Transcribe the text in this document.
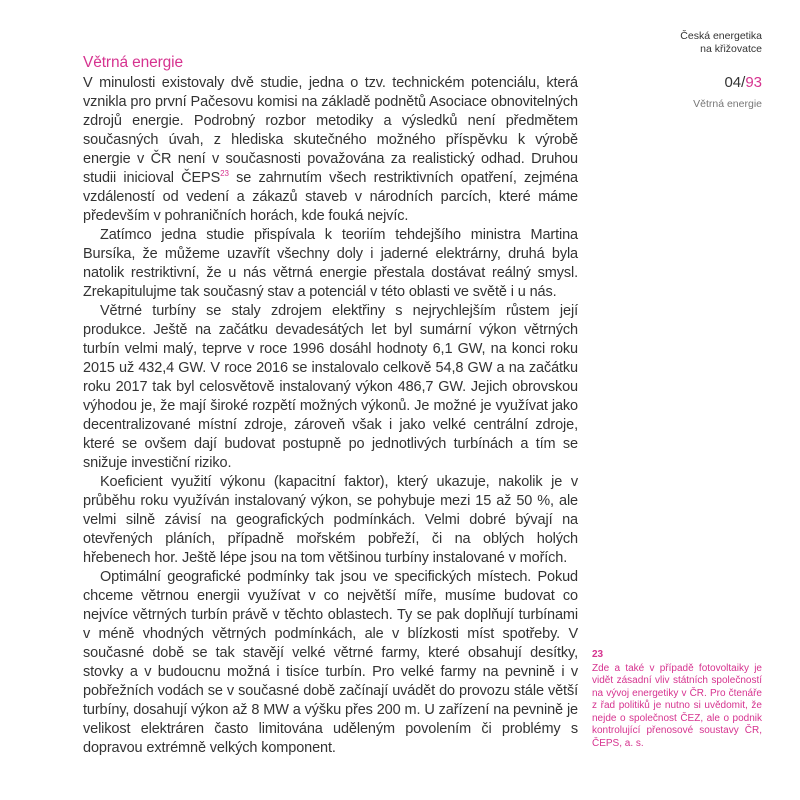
Česká energetika na křižovatce
04/93
Větrná energie
Větrná energie

V minulosti existovaly dvě studie, jedna o tzv. technickém potenciálu, která vznikla pro první Pačesovu komisi na základě podnětů Asociace obnovitelných zdrojů energie. Podrobný rozbor metodiky a výsledků není předmětem současných úvah, z hlediska skutečného možného příspěvku k výrobě energie v ČR není v současnosti považována za realistický odhad. Druhou studii inicioval ČEPS$^{23}$ se zahrnutím všech restriktivních opatření, zejména vzdáleností od vedení a zákazů staveb v národních parcích, které máme především v pohraničních horách, kde fouká nejvíc.

Zatímco jedna studie přispívala k teoriím tehdejšího ministra Martina Bursíka, že můžeme uzavřít všechny doly i jaderné elektrárny, druhá byla natolik restriktivní, že u nás větrná energie přestala dostávat reálný smysl. Zrekapitulujme tak současný stav a potenciál v této oblasti ve světě i u nás.

Větrné turbíny se staly zdrojem elektřiny s nejrychlejším růstem její produkce. Ještě na začátku devadesátých let byl sumární výkon větrných turbín velmi malý, teprve v roce 1996 dosáhl hodnoty 6,1 GW, na konci roku 2015 už 432,4 GW. V roce 2016 se instalovalo celkově 54,8 GW a na začátku roku 2017 tak byl celosvětově instalovaný výkon 486,7 GW. Jejich obrovskou výhodou je, že mají široké rozpětí možných výkonů. Je možné je využívat jako decentralizované místní zdroje, zároveň však i jako velké centrální zdroje, které se ovšem dají budovat postupně po jednotlivých turbínách a tím se snižuje investiční riziko.

Koeficient využití výkonu (kapacitní faktor), který ukazuje, nakolik je v průběhu roku využíván instalovaný výkon, se pohybuje mezi 15 až 50 %, ale velmi silně závisí na geografických podmínkách. Velmi dobré bývají na otevřených pláních, případně mořském pobřeží, či na oblých holých hřebenech hor. Ještě lépe jsou na tom většinou turbíny instalované v mořích.

Optimální geografické podmínky tak jsou ve specifických místech. Pokud chceme větrnou energii využívat v co největší míře, musíme budovat co nejvíce větrných turbín právě v těchto oblastech. Ty se pak doplňují turbínami v méně vhodných větrných podmínkách, ale v blízkosti míst spotřeby. V současné době se tak stavějí velké větrné farmy, které obsahují desítky, stovky a v budoucnu možná i tisíce turbín. Pro velké farmy na pevnině i v pobřežních vodách se v současné době začínají uvádět do provozu stále větší turbíny, dosahují výkon až 8 MW a výšku přes 200 m. U zařízení na pevnině je velikost elektráren často limitována uděleným povolením či problémy s dopravou extrémně velkých komponent.

23
Zde a také v případě fotovoltaiky je vidět zásadní vliv státních společností na vývoj energetiky v ČR. Pro čtenáře z řad politiků je nutno si uvědomit, že nejde o společnost ČEZ, ale o podnik kontrolující přenosové soustavy ČR, ČEPS, a. s.
